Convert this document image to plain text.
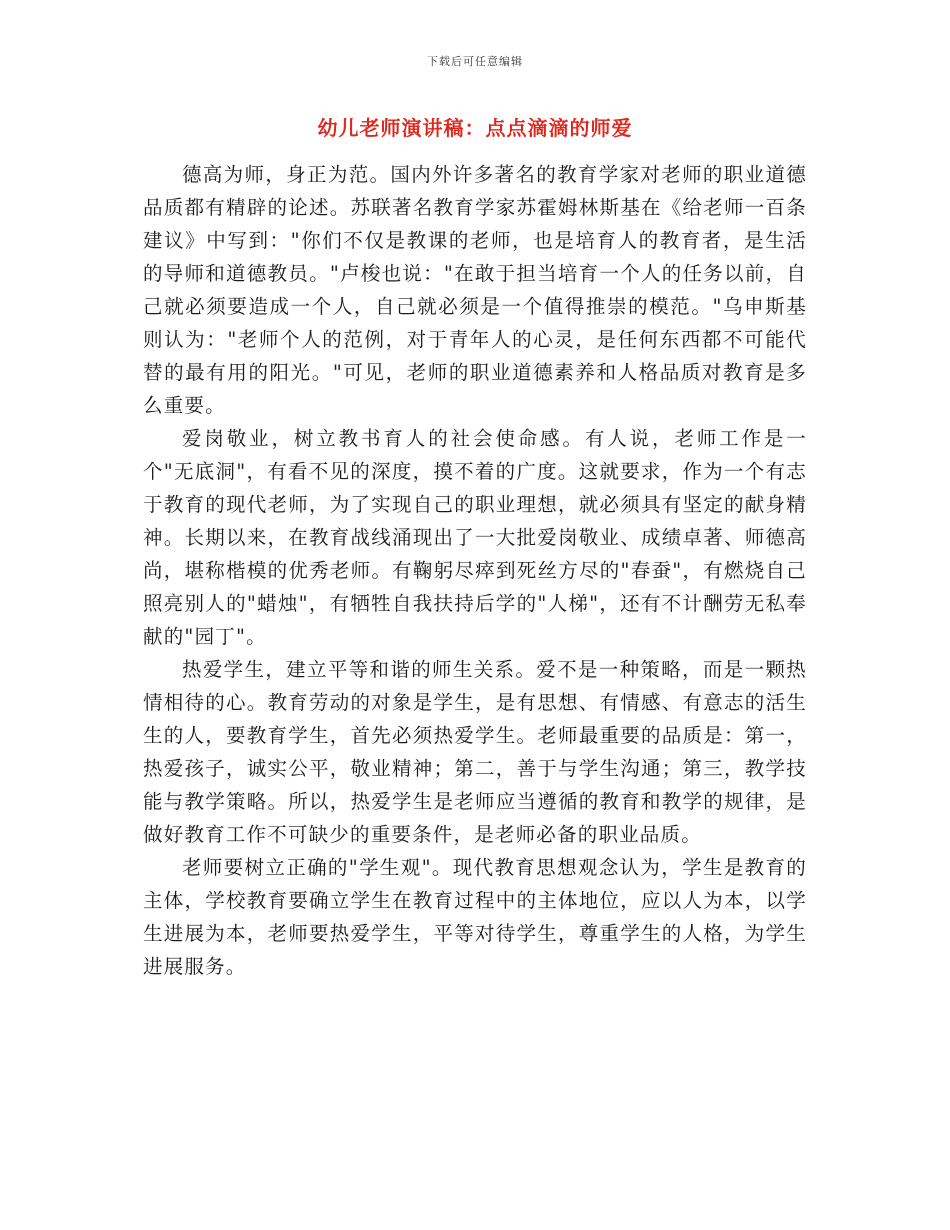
下载后可任意编辑
幼儿老师演讲稿：点点滴滴的师爱

德高为师，身正为范。国内外许多著名的教育学家对老师的职业道德品质都有精辟的论述。苏联著名教育学家苏霍姆林斯基在《给老师一百条建议》中写到："你们不仅是教课的老师，也是培育人的教育者，是生活的导师和道德教员。"卢梭也说："在敢于担当培育一个人的任务以前，自己就必须要造成一个人，自己就必须是一个值得推崇的模范。"乌申斯基则认为："老师个人的范例，对于青年人的心灵，是任何东西都不可能代替的最有用的阳光。"可见，老师的职业道德素养和人格品质对教育是多么重要。

爱岗敬业，树立教书育人的社会使命感。有人说，老师工作是一个"无底洞"，有看不见的深度，摸不着的广度。这就要求，作为一个有志于教育的现代老师，为了实现自己的职业理想，就必须具有坚定的献身精神。长期以来，在教育战线涌现出了一大批爱岗敬业、成绩卓著、师德高尚，堪称楷模的优秀老师。有鞠躬尽瘁到死丝方尽的"春蚕"，有燃烧自己照亮别人的"蜡烛"，有牺牲自我扶持后学的"人梯"，还有不计酬劳无私奉献的"园丁"。

热爱学生，建立平等和谐的师生关系。爱不是一种策略，而是一颗热情相待的心。教育劳动的对象是学生，是有思想、有情感、有意志的活生生的人，要教育学生，首先必须热爱学生。老师最重要的品质是：第一，热爱孩子，诚实公平，敬业精神；第二，善于与学生沟通；第三，教学技能与教学策略。所以，热爱学生是老师应当遵循的教育和教学的规律，是做好教育工作不可缺少的重要条件，是老师必备的职业品质。

老师要树立正确的"学生观"。现代教育思想观念认为，学生是教育的主体，学校教育要确立学生在教育过程中的主体地位，应以人为本，以学生进展为本，老师要热爱学生，平等对待学生，尊重学生的人格，为学生进展服务。
